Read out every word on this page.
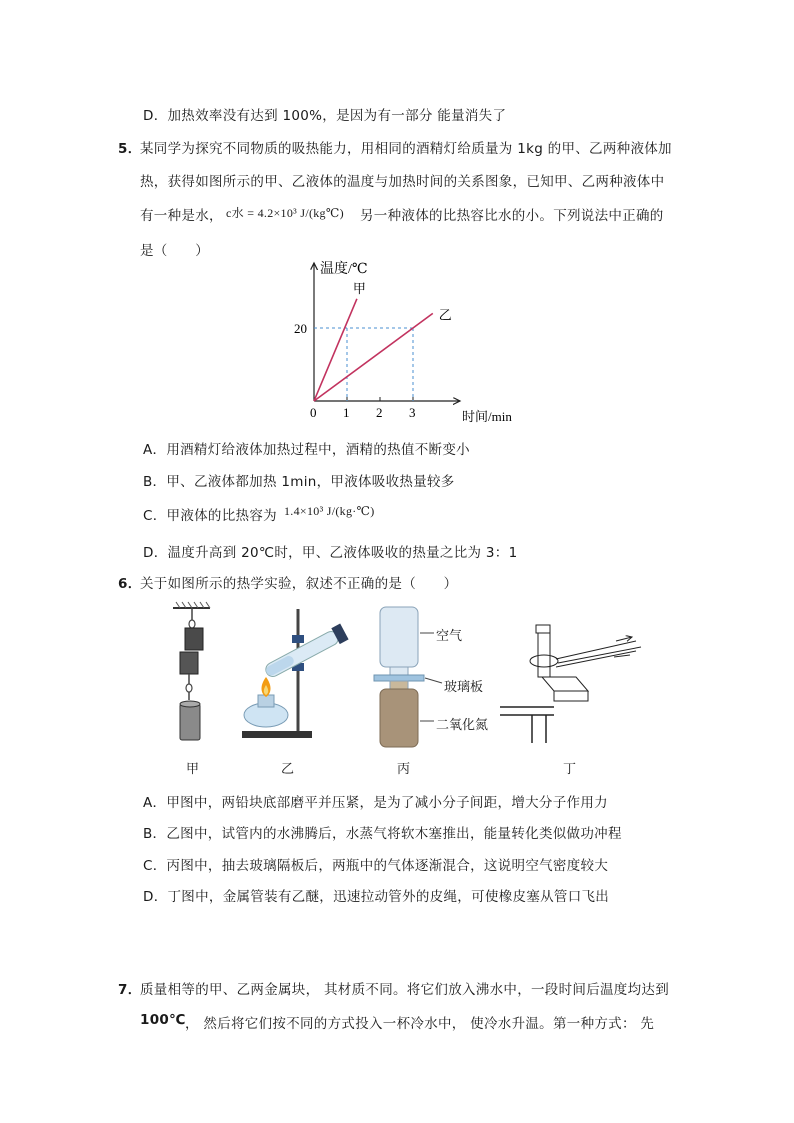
D．加热效率没有达到 100%，是因为有一部分 能量消失了
5．
某同学为探究不同物质的吸热能力，用相同的酒精灯给质量为 1kg 的甲、乙两种液体加
热，获得如图所示的甲、乙液体的温度与加热时间的关系图象，已知甲、乙两种液体中
有一种是水， c水 = 4.2×10³ J/(kg℃) 另一种液体的比热容比水的小。下列说法中正确的
是（　　）
温度/℃
时间/min
0 1 2 3
20
甲
乙
A．用酒精灯给液体加热过程中，酒精的热值不断变小
B．甲、乙液体都加热 1min，甲液体吸收热量较多
C．甲液体的比热容为 1.4×10³ J/(kg·℃)
D．温度升高到 20℃时，甲、乙液体吸收的热量之比为 3：1
6．
关于如图所示的热学实验，叙述不正确的是（　　）
甲	乙
空气
玻璃板
二氧化氮
丙	丁
A．甲图中，两铅块底部磨平并压紧，是为了减小分子间距，增大分子作用力
B．乙图中，试管内的水沸腾后，水蒸气将软木塞推出，能量转化类似做功冲程
C．丙图中，抽去玻璃隔板后，两瓶中的气体逐渐混合，这说明空气密度较大
D．丁图中，金属管装有乙醚，迅速拉动管外的皮绳，可使橡皮塞从管口飞出
7．
质量相等的甲、乙两金属块， 其材质不同。将它们放入沸水中，一段时间后温度均达到
100℃ ， 然后将它们按不同的方式投入一杯冷水中， 使冷水升温。第一种方式： 先
